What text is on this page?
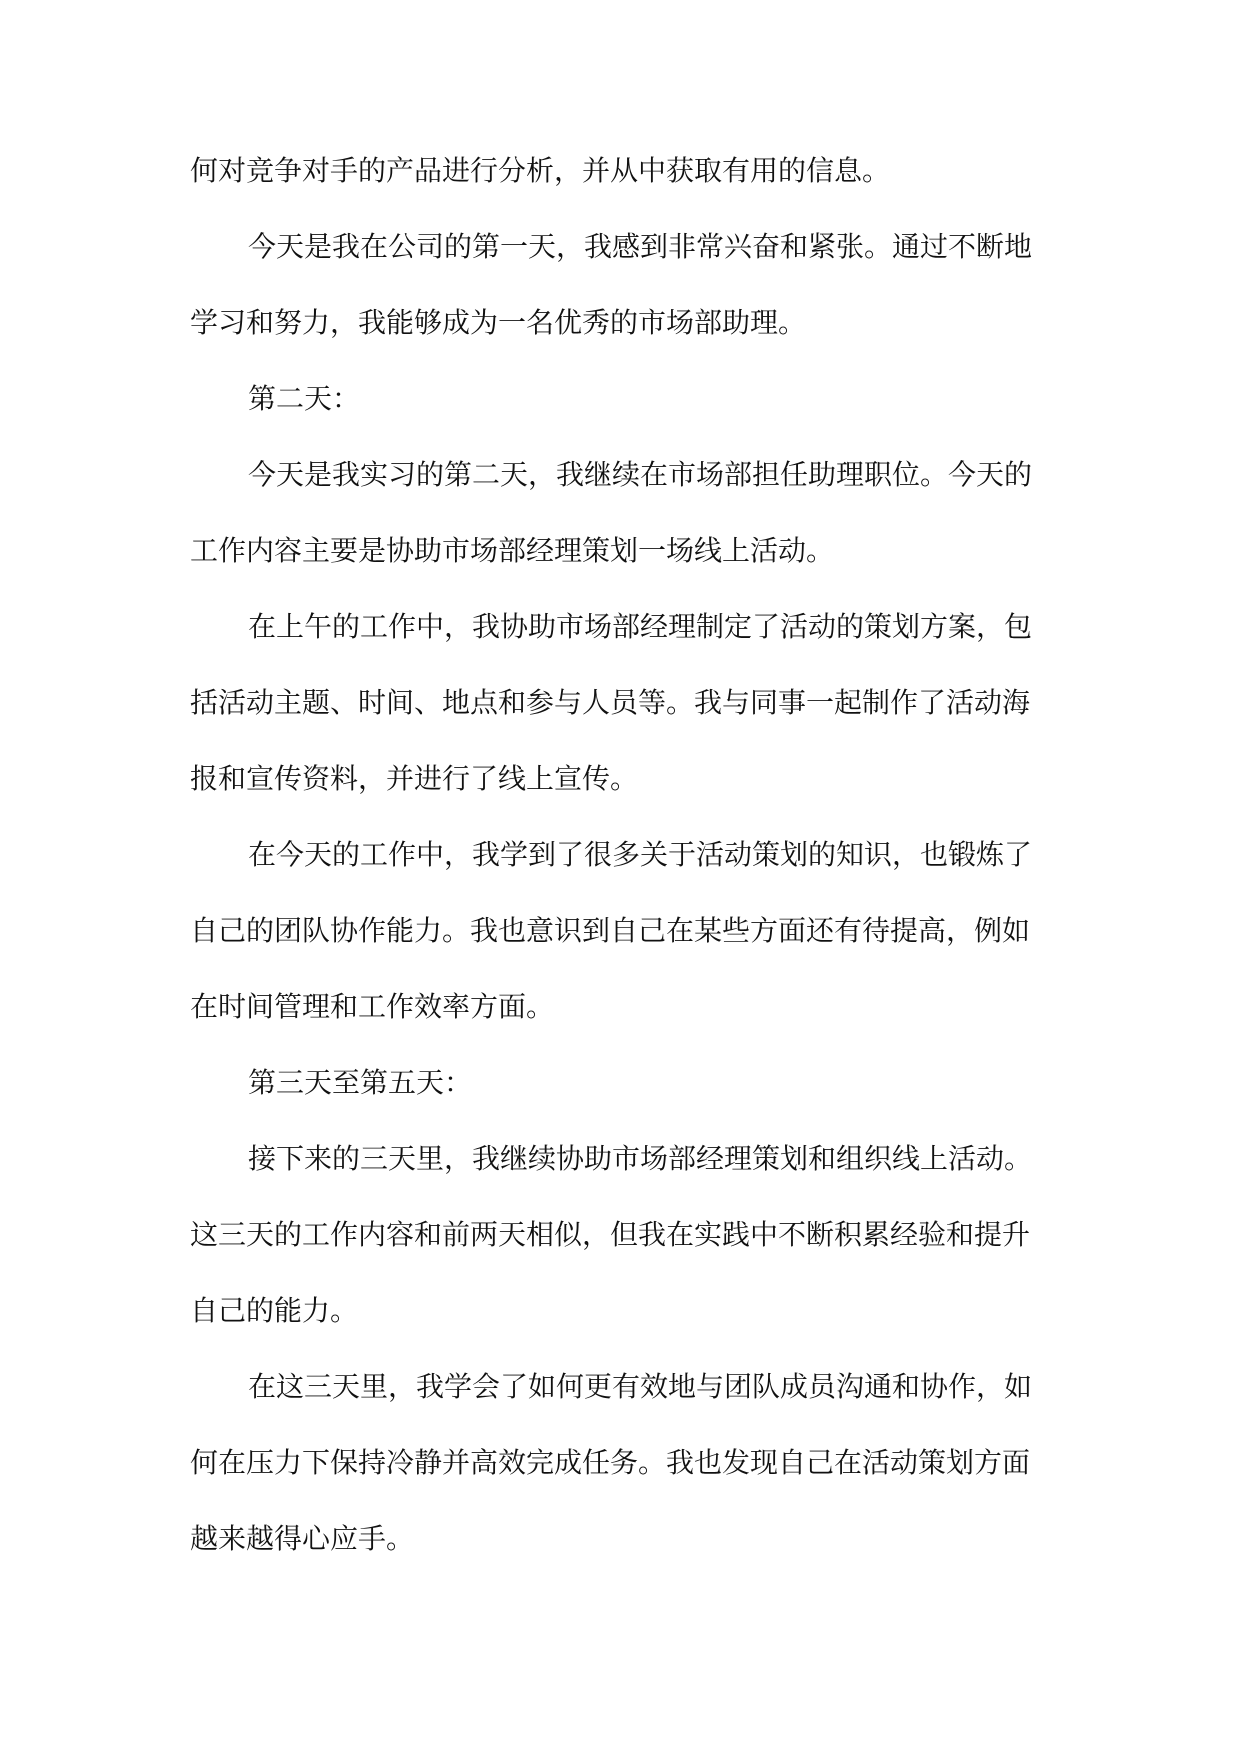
何对竞争对手的产品进行分析，并从中获取有用的信息。

今天是我在公司的第一天，我感到非常兴奋和紧张。通过不断地

学习和努力，我能够成为一名优秀的市场部助理。

第二天：

今天是我实习的第二天，我继续在市场部担任助理职位。今天的

工作内容主要是协助市场部经理策划一场线上活动。

在上午的工作中，我协助市场部经理制定了活动的策划方案，包

括活动主题、时间、地点和参与人员等。我与同事一起制作了活动海

报和宣传资料，并进行了线上宣传。

在今天的工作中，我学到了很多关于活动策划的知识，也锻炼了

自己的团队协作能力。我也意识到自己在某些方面还有待提高，例如

在时间管理和工作效率方面。

第三天至第五天：

接下来的三天里，我继续协助市场部经理策划和组织线上活动。

这三天的工作内容和前两天相似，但我在实践中不断积累经验和提升

自己的能力。

在这三天里，我学会了如何更有效地与团队成员沟通和协作，如

何在压力下保持冷静并高效完成任务。我也发现自己在活动策划方面

越来越得心应手。
